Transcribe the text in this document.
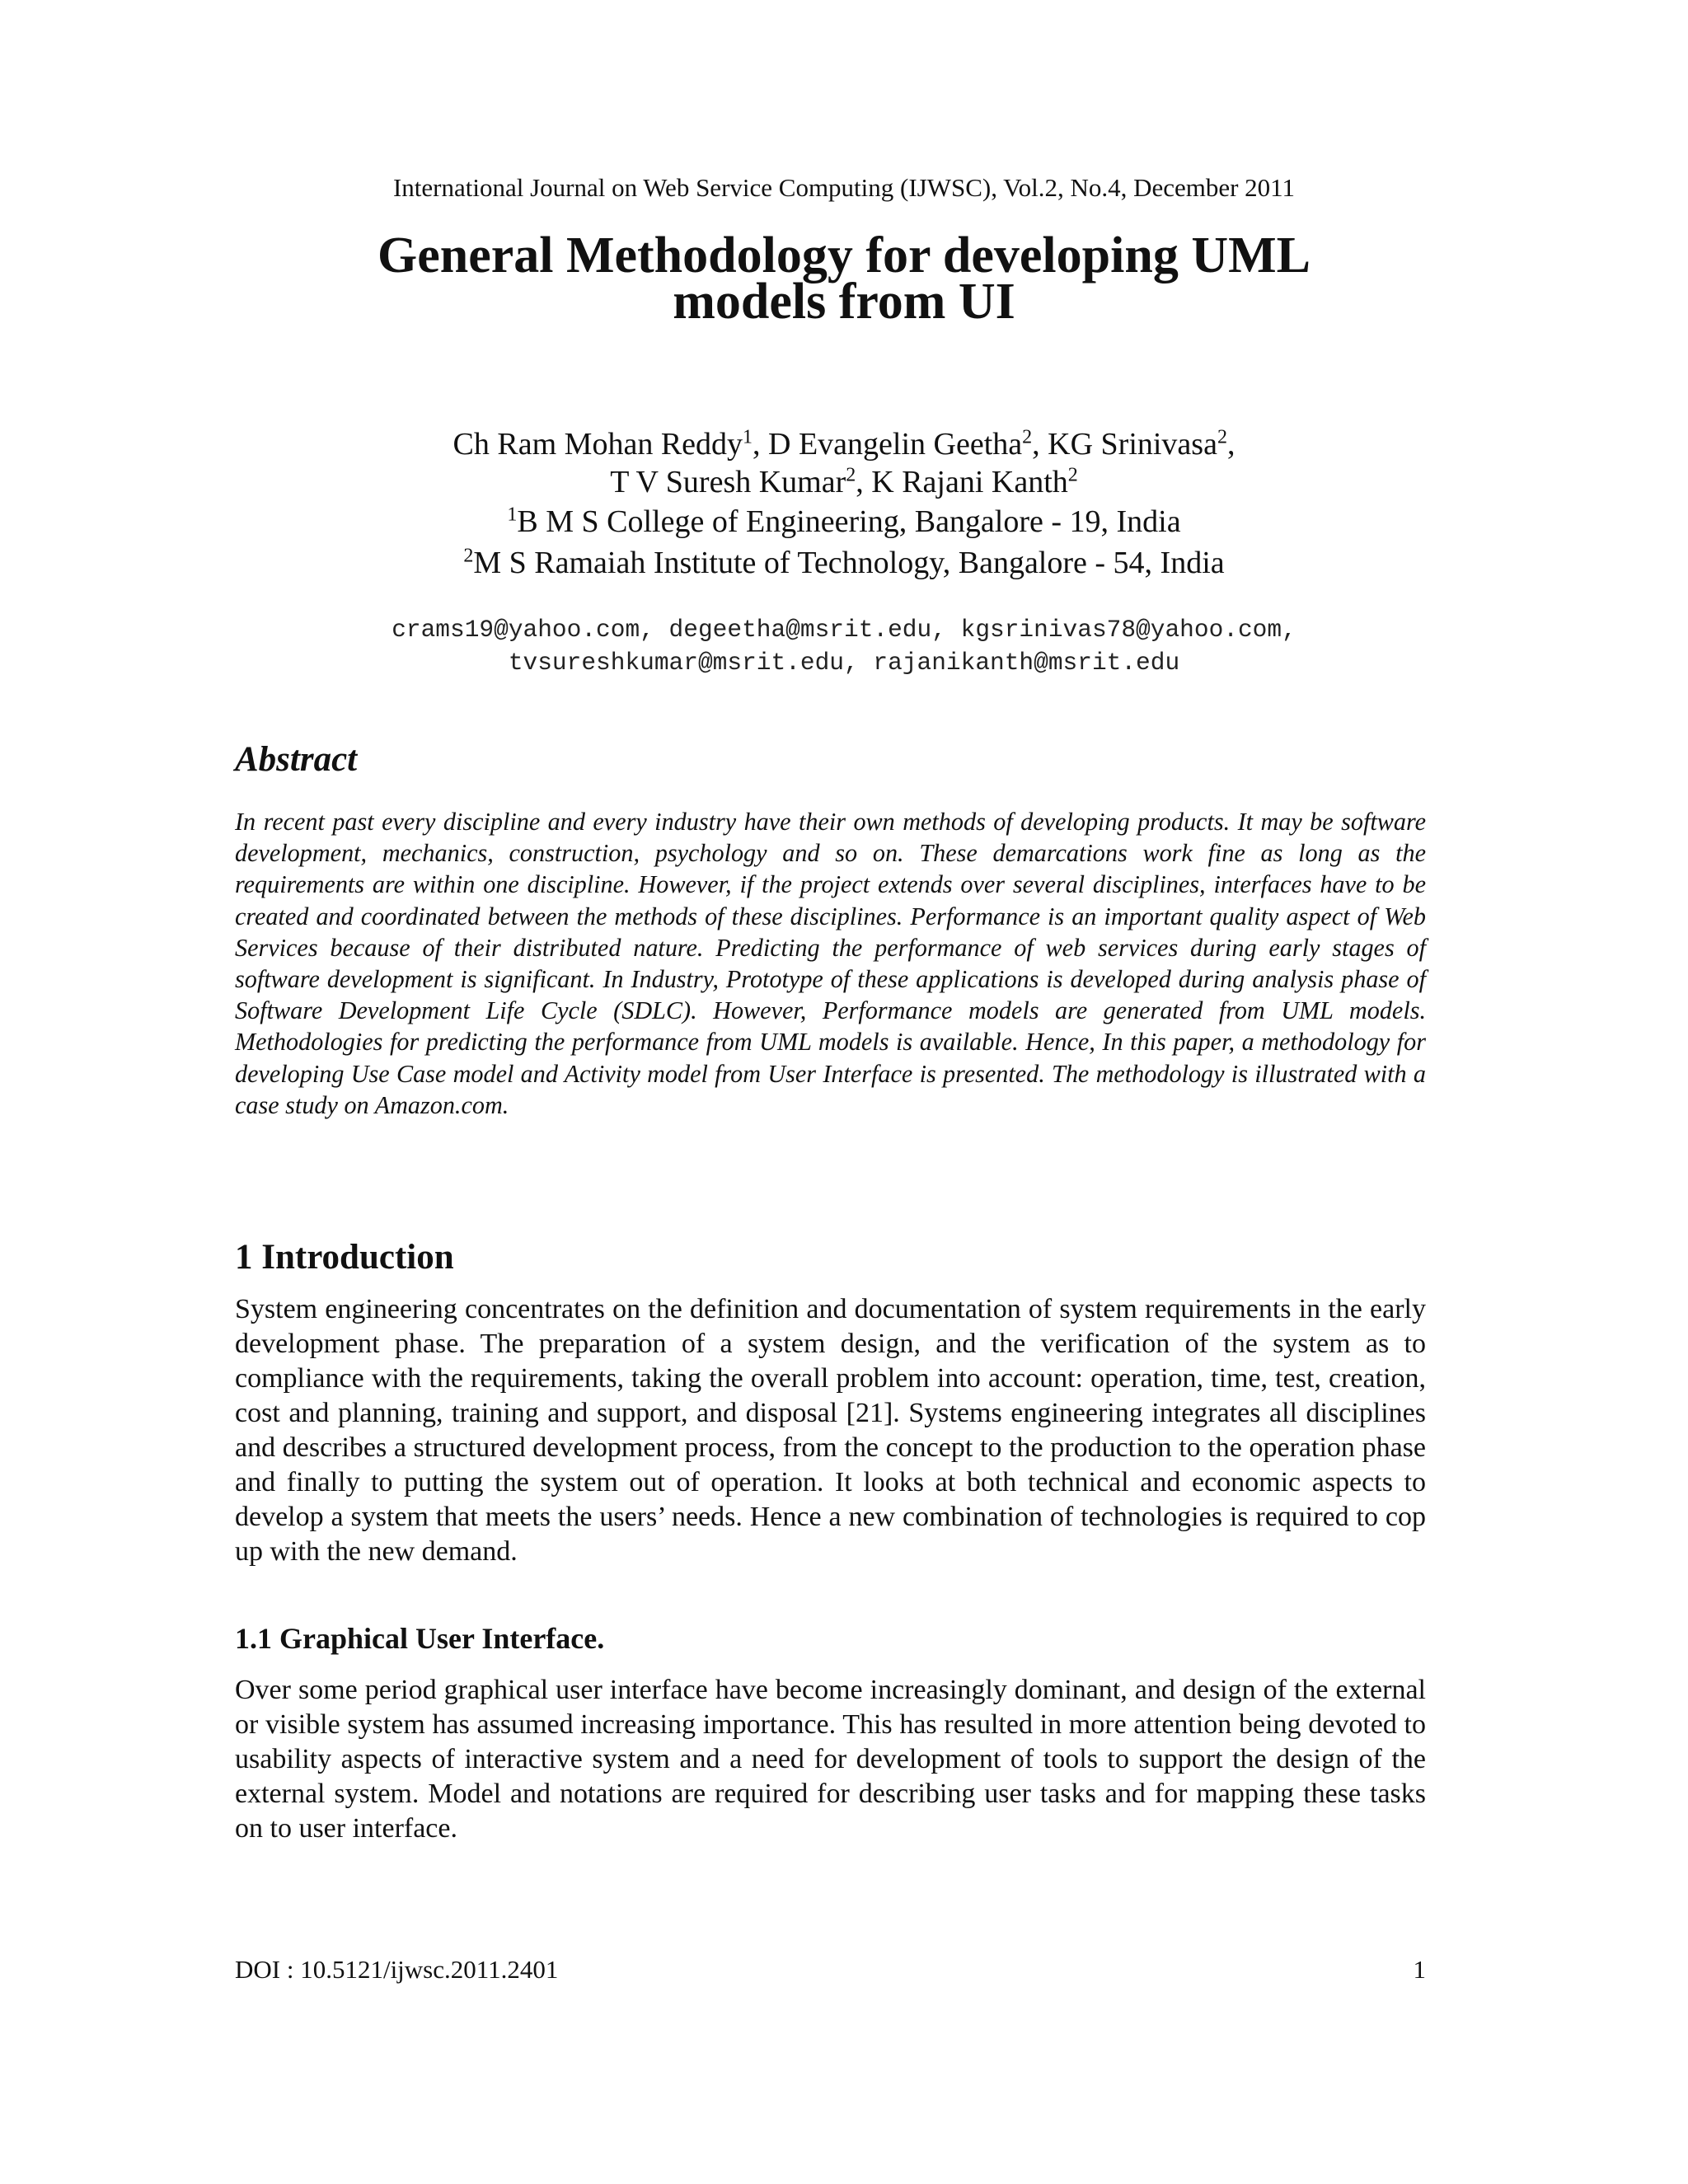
International Journal on Web Service Computing (IJWSC), Vol.2, No.4, December 2011
General Methodology for developing UML
models from UI
Ch Ram Mohan Reddy$^1$, D Evangelin Geetha$^2$, KG Srinivasa$^2$,
T V Suresh Kumar$^2$, K Rajani Kanth$^2$
$^1$B M S College of Engineering, Bangalore - 19, India
$^2$M S Ramaiah Institute of Technology, Bangalore - 54, India
crams19@yahoo.com, degeetha@msrit.edu, kgsrinivas78@yahoo.com,
tvsureshkumar@msrit.edu, rajanikanth@msrit.edu
Abstract
In recent past every discipline and every industry have their own methods of developing products. It may be software development, mechanics, construction, psychology and so on. These demarcations work fine as long as the requirements are within one discipline. However, if the project extends over several disciplines, interfaces have to be created and coordinated between the methods of these disciplines. Performance is an important quality aspect of Web Services because of their distributed nature. Predicting the performance of web services during early stages of software development is significant. In Industry, Prototype of these applications is developed during analysis phase of Software Development Life Cycle (SDLC). However, Performance models are generated from UML models. Methodologies for predicting the performance from UML models is available. Hence, In this paper, a methodology for developing Use Case model and Activity model from User Interface is presented. The methodology is illustrated with a case study on Amazon.com.
1 Introduction
System engineering concentrates on the definition and documentation of system requirements in the early development phase. The preparation of a system design, and the verification of the system as to compliance with the requirements, taking the overall problem into account: operation, time, test, creation, cost and planning, training and support, and disposal [21]. Systems engineering integrates all disciplines and describes a structured development process, from the concept to the production to the operation phase and finally to putting the system out of operation. It looks at both technical and economic aspects to develop a system that meets the users’ needs. Hence a new combination of technologies is required to cop up with the new demand.
1.1 Graphical User Interface.
Over some period graphical user interface have become increasingly dominant, and design of the external or visible system has assumed increasing importance. This has resulted in more attention being devoted to usability aspects of interactive system and a need for development of tools to support the design of the external system. Model and notations are required for describing user tasks and for mapping these tasks on to user interface.
DOI : 10.5121/ijwsc.2011.2401	1
